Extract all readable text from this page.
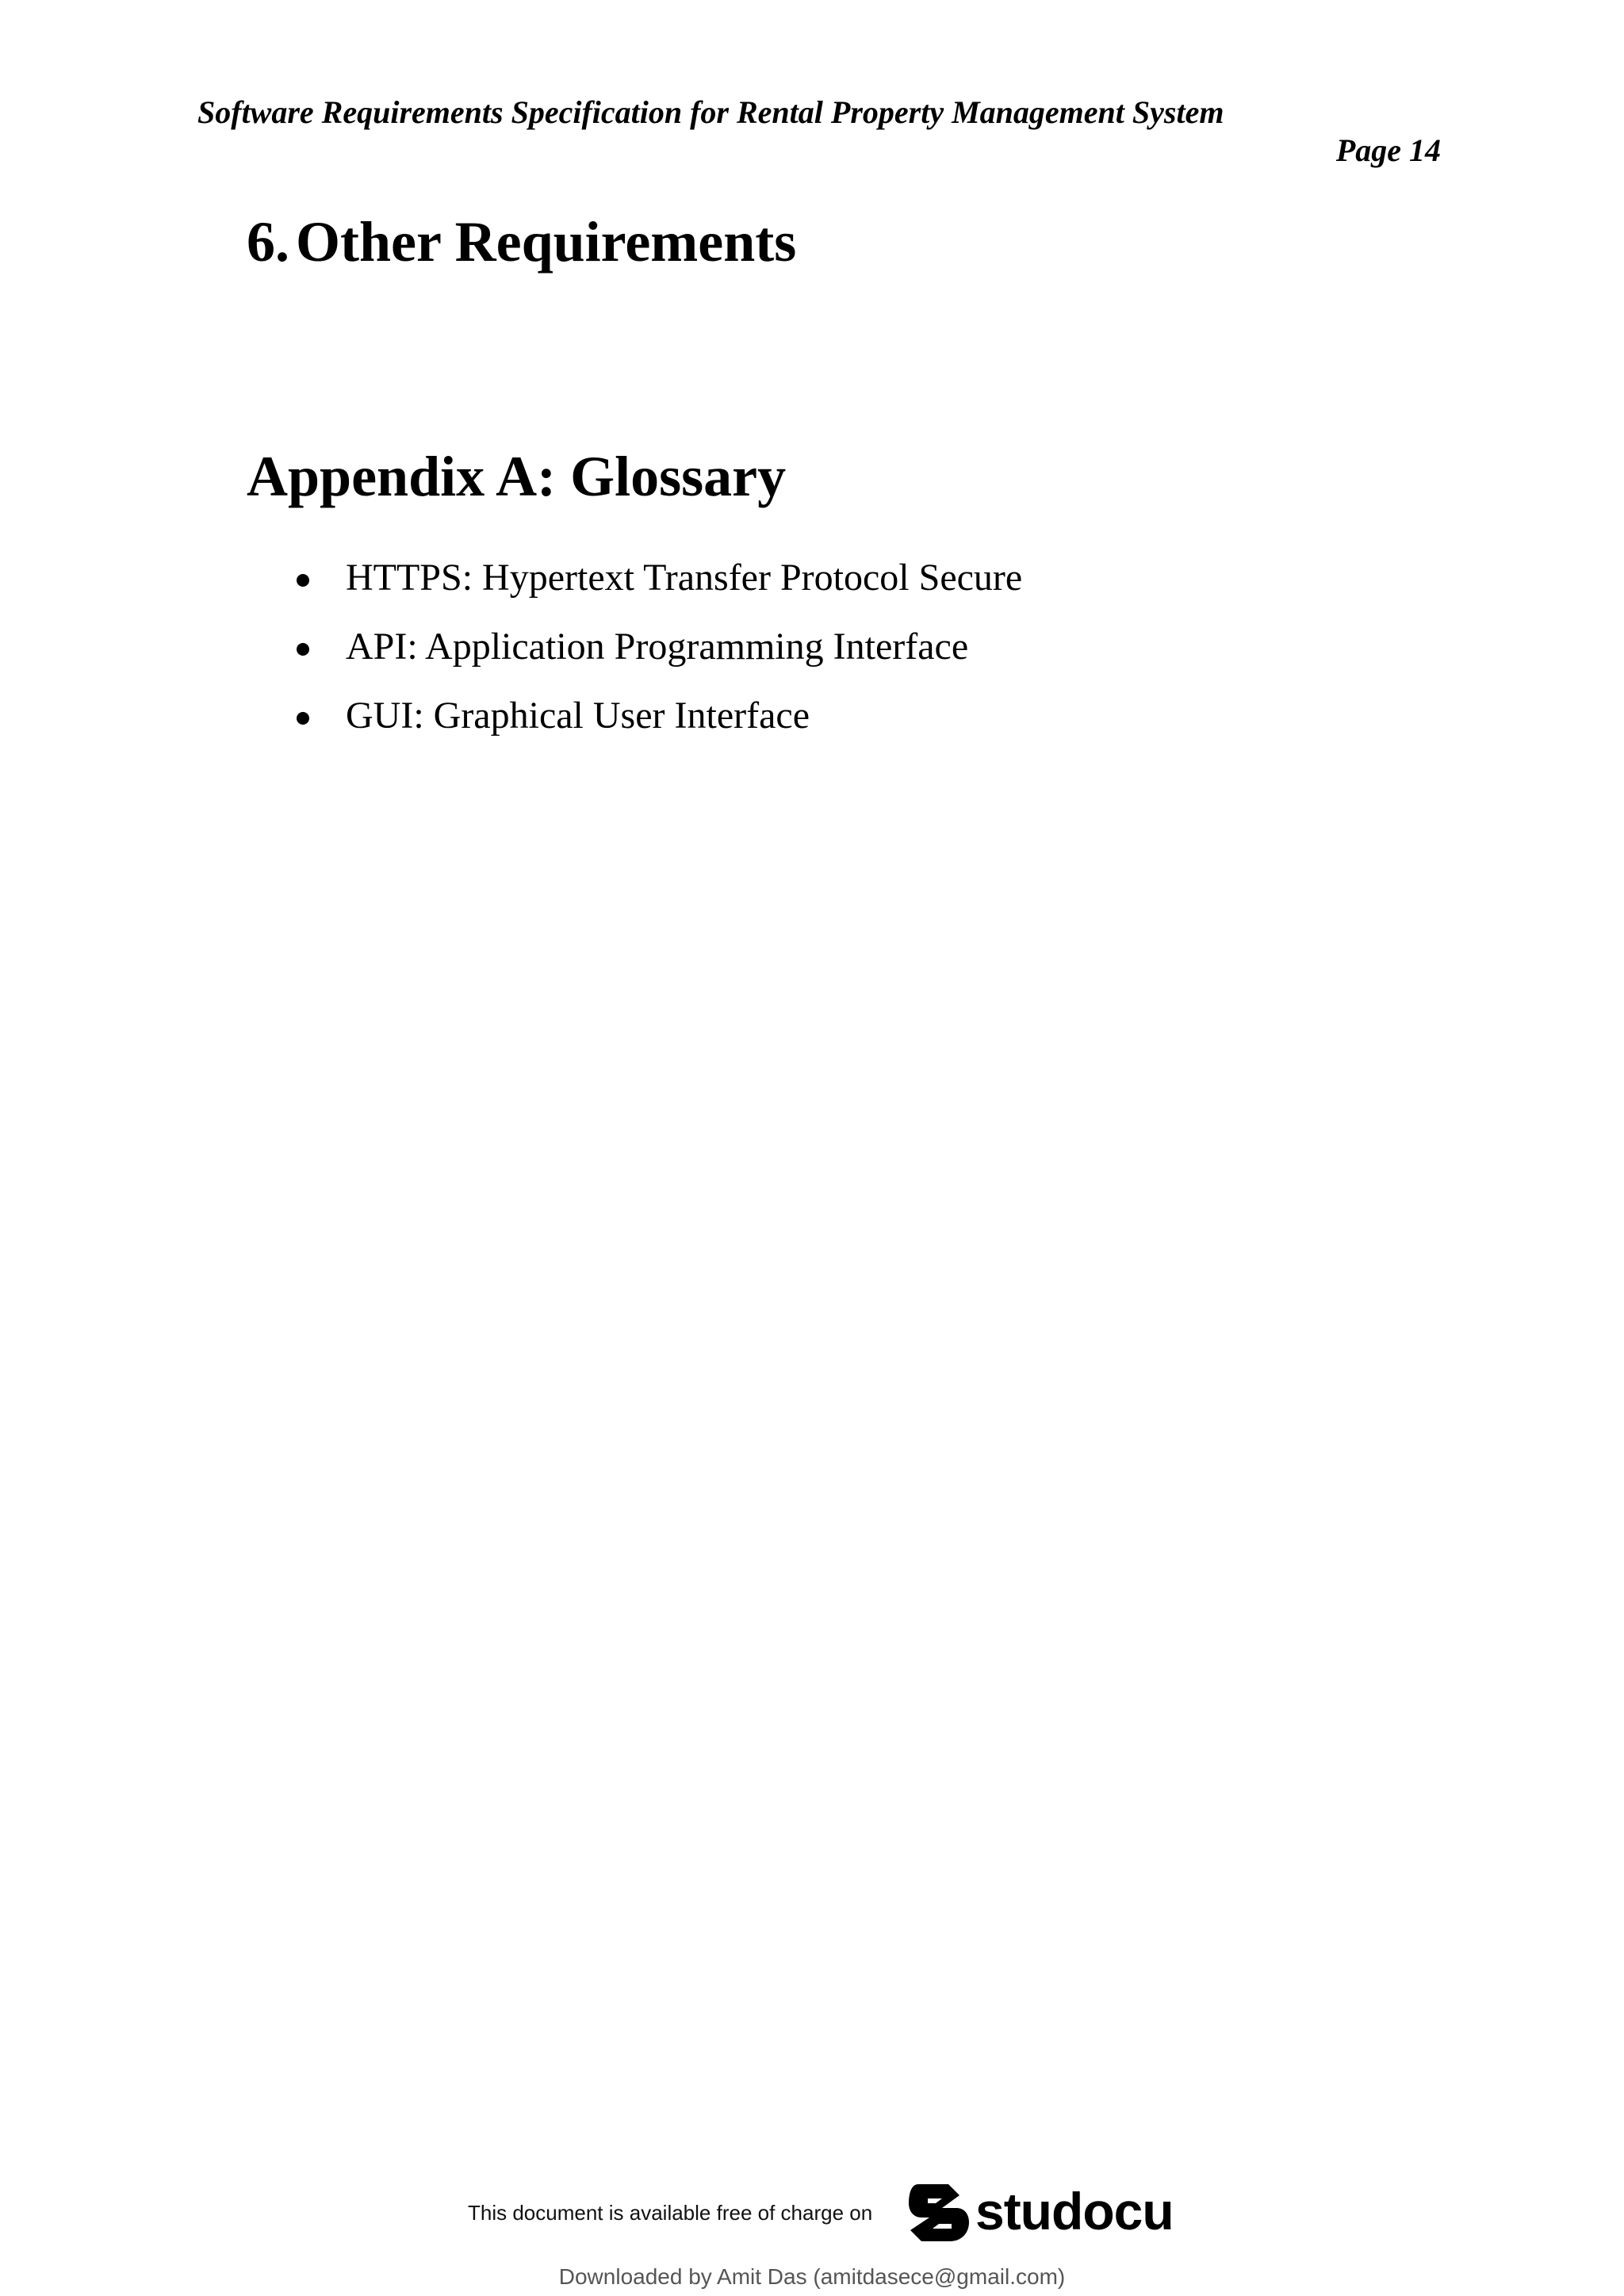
Software Requirements Specification for Rental Property Management System
Page 14
6. Other Requirements
Appendix A: Glossary
HTTPS: Hypertext Transfer Protocol Secure
API: Application Programming Interface
GUI: Graphical User Interface
This document is available free of charge on studocu
Downloaded by Amit Das (amitdasece@gmail.com)
